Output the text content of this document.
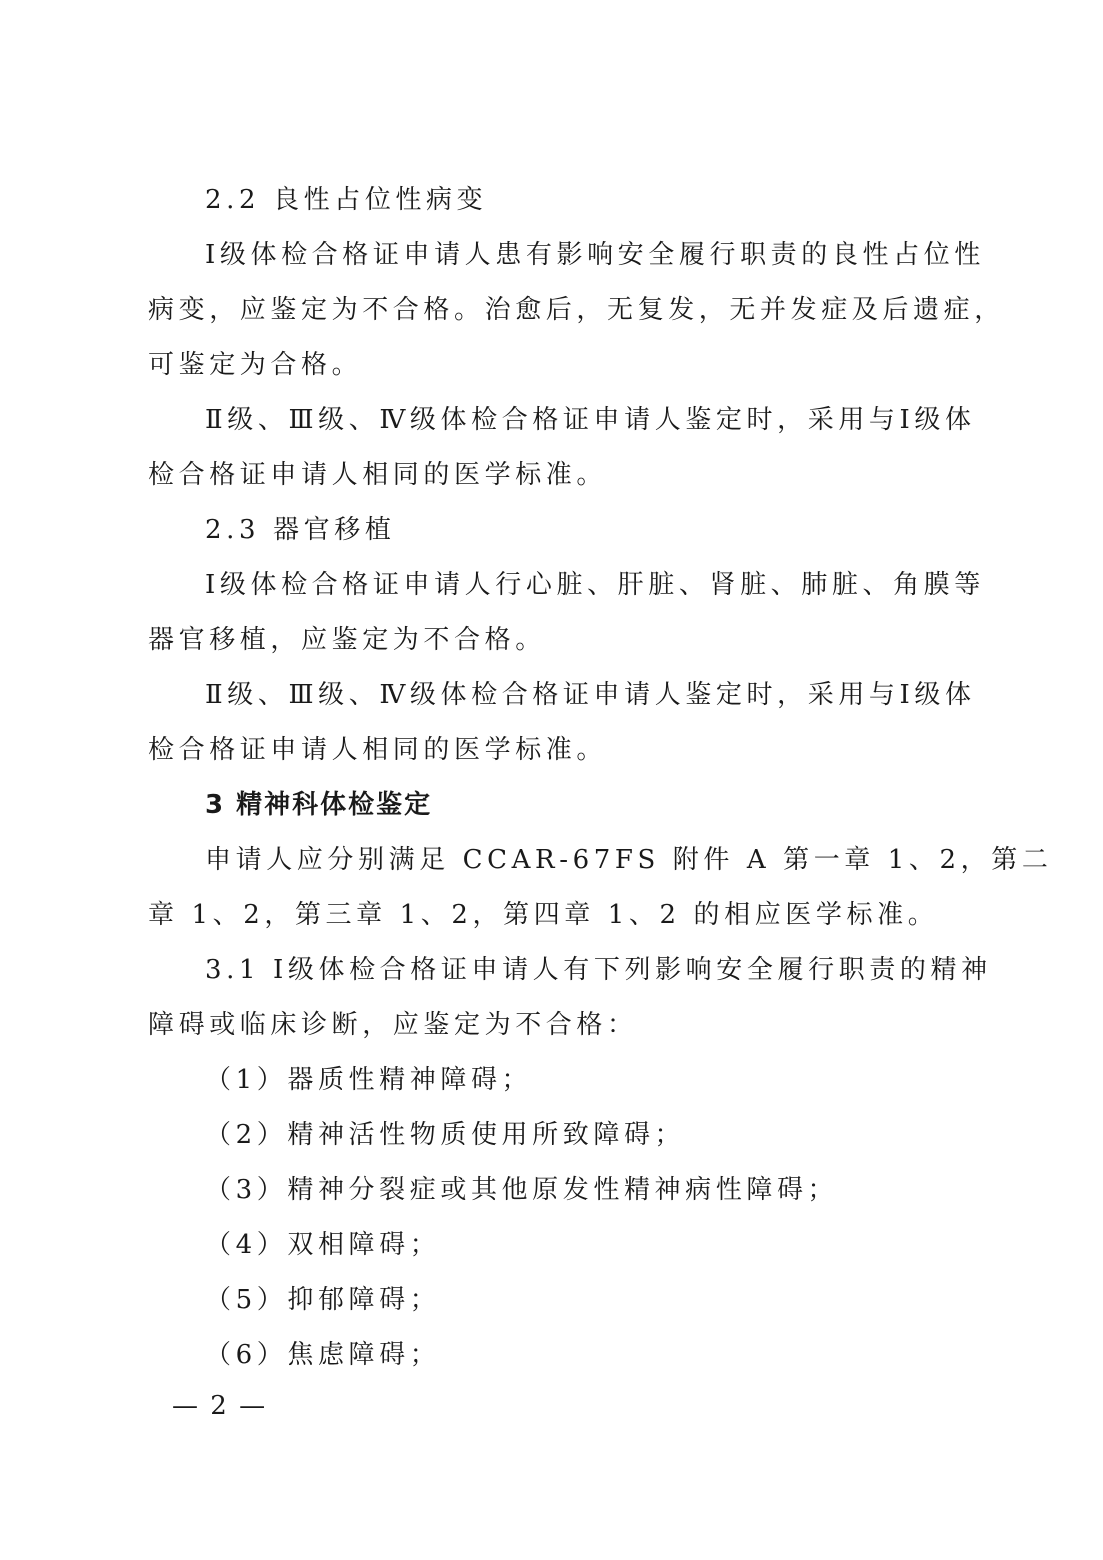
2.2 良性占位性病变
Ⅰ级体检合格证申请人患有影响安全履行职责的良性占位性
病变，应鉴定为不合格。治愈后，无复发，无并发症及后遗症，
可鉴定为合格。
Ⅱ级、Ⅲ级、Ⅳ级体检合格证申请人鉴定时，采用与Ⅰ级体
检合格证申请人相同的医学标准。
2.3 器官移植
Ⅰ级体检合格证申请人行心脏、肝脏、肾脏、肺脏、角膜等
器官移植，应鉴定为不合格。
Ⅱ级、Ⅲ级、Ⅳ级体检合格证申请人鉴定时，采用与Ⅰ级体
检合格证申请人相同的医学标准。
3 精神科体检鉴定
申请人应分别满足 CCAR-67FS 附件 A 第一章 1、2，第二
章 1、2，第三章 1、2，第四章 1、2 的相应医学标准。
3.1 Ⅰ级体检合格证申请人有下列影响安全履行职责的精神
障碍或临床诊断，应鉴定为不合格：
（1）器质性精神障碍；
（2）精神活性物质使用所致障碍；
（3）精神分裂症或其他原发性精神病性障碍；
（4）双相障碍；
（5）抑郁障碍；
（6）焦虑障碍；
— 2 —
